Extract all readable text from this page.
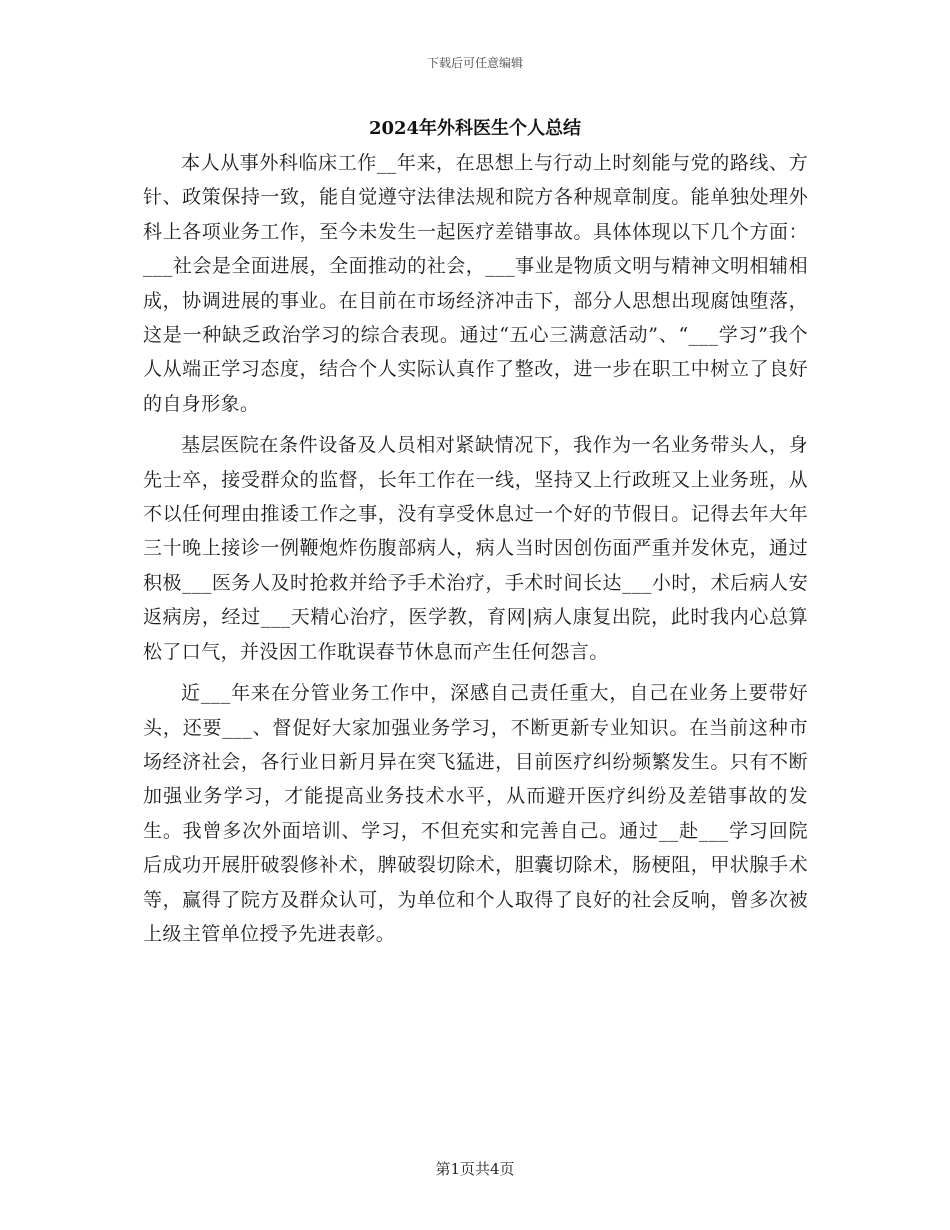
下载后可任意编辑
2024年外科医生个人总结

本人从事外科临床工作__年来，在思想上与行动上时刻能与党的路线、方针、政策保持一致，能自觉遵守法律法规和院方各种规章制度。能单独处理外科上各项业务工作，至今未发生一起医疗差错事故。具体体现以下几个方面：___社会是全面进展，全面推动的社会，___事业是物质文明与精神文明相辅相成，协调进展的事业。在目前在市场经济冲击下，部分人思想出现腐蚀堕落，这是一种缺乏政治学习的综合表现。通过“五心三满意活动”、“___学习”我个人从端正学习态度，结合个人实际认真作了整改，进一步在职工中树立了良好的自身形象。

基层医院在条件设备及人员相对紧缺情况下，我作为一名业务带头人，身先士卒，接受群众的监督，长年工作在一线，坚持又上行政班又上业务班，从不以任何理由推诿工作之事，没有享受休息过一个好的节假日。记得去年大年三十晚上接诊一例鞭炮炸伤腹部病人，病人当时因创伤面严重并发休克，通过积极___医务人及时抢救并给予手术治疗，手术时间长达___小时，术后病人安返病房，经过___天精心治疗，医学教，育网|病人康复出院，此时我内心总算松了口气，并没因工作耽误春节休息而产生任何怨言。

近___年来在分管业务工作中，深感自己责任重大，自己在业务上要带好头，还要___、督促好大家加强业务学习，不断更新专业知识。在当前这种市场经济社会，各行业日新月异在突飞猛进，目前医疗纠纷频繁发生。只有不断加强业务学习，才能提高业务技术水平，从而避开医疗纠纷及差错事故的发生。我曾多次外面培训、学习，不但充实和完善自己。通过__赴___学习回院后成功开展肝破裂修补术，脾破裂切除术，胆囊切除术，肠梗阻，甲状腺手术等，赢得了院方及群众认可，为单位和个人取得了良好的社会反响，曾多次被上级主管单位授予先进表彰。

第1页共4页
